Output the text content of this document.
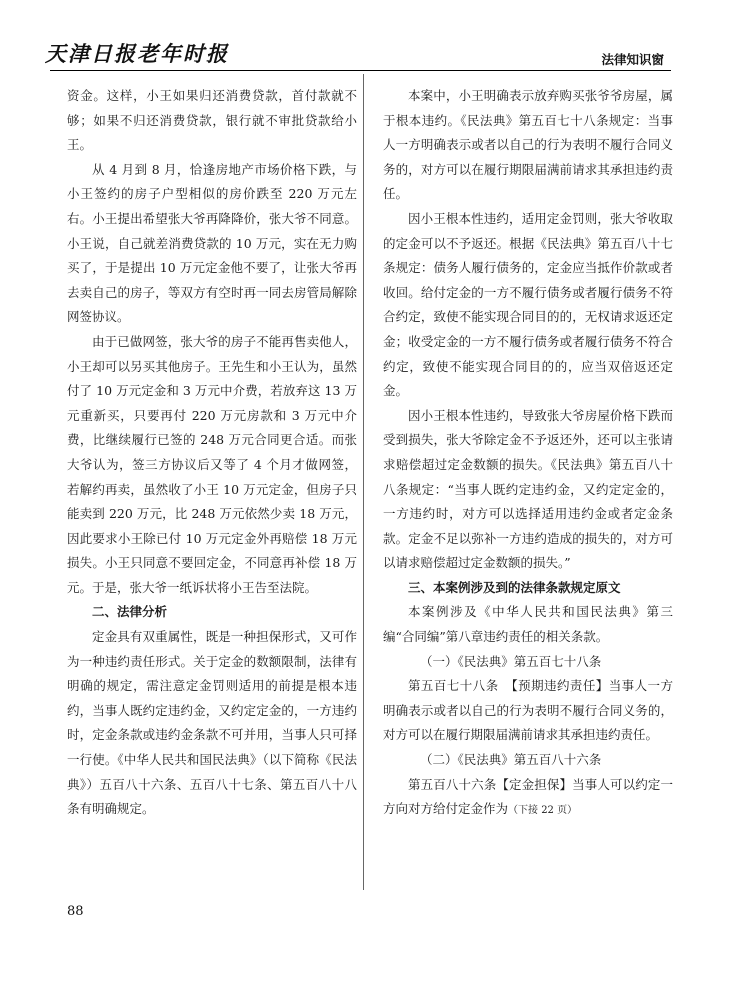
天津日报老年时报	法律知识窗

资金。这样，小王如果归还消费贷款，首付款就不够；如果不归还消费贷款，银行就不审批贷款给小王。

从 4 月到 8 月，恰逢房地产市场价格下跌，与小王签约的房子户型相似的房价跌至 220 万元左右。小王提出希望张大爷再降降价，张大爷不同意。小王说，自己就差消费贷款的 10 万元，实在无力购买了，于是提出 10 万元定金他不要了，让张大爷再去卖自己的房子，等双方有空时再一同去房管局解除网签协议。

由于已做网签，张大爷的房子不能再售卖他人，小王却可以另买其他房子。王先生和小王认为，虽然付了 10 万元定金和 3 万元中介费，若放弃这 13 万元重新买，只要再付 220 万元房款和 3 万元中介费，比继续履行已签的 248 万元合同更合适。而张大爷认为，签三方协议后又等了 4 个月才做网签，若解约再卖，虽然收了小王 10 万元定金，但房子只能卖到 220 万元，比 248 万元依然少卖 18 万元，因此要求小王除已付 10 万元定金外再赔偿 18 万元损失。小王只同意不要回定金，不同意再补偿 18 万元。于是，张大爷一纸诉状将小王告至法院。

二、法律分析

定金具有双重属性，既是一种担保形式，又可作为一种违约责任形式。关于定金的数额限制，法律有明确的规定，需注意定金罚则适用的前提是根本违约，当事人既约定违约金，又约定定金的，一方违约时，定金条款或违约金条款不可并用，当事人只可择一行使。《中华人民共和国民法典》（以下简称《民法典》）五百八十六条、五百八十七条、第五百八十八条有明确规定。

本案中，小王明确表示放弃购买张爷爷房屋，属于根本违约。《民法典》第五百七十八条规定：当事人一方明确表示或者以自己的行为表明不履行合同义务的，对方可以在履行期限届满前请求其承担违约责任。

因小王根本性违约，适用定金罚则，张大爷收取的定金可以不予返还。根据《民法典》第五百八十七条规定：债务人履行债务的，定金应当抵作价款或者收回。给付定金的一方不履行债务或者履行债务不符合约定，致使不能实现合同目的的，无权请求返还定金；收受定金的一方不履行债务或者履行债务不符合约定，致使不能实现合同目的的，应当双倍返还定金。

因小王根本性违约，导致张大爷房屋价格下跌而受到损失，张大爷除定金不予返还外，还可以主张请求赔偿超过定金数额的损失。《民法典》第五百八十八条规定：“当事人既约定违约金，又约定定金的，一方违约时，对方可以选择适用违约金或者定金条款。定金不足以弥补一方违约造成的损失的，对方可以请求赔偿超过定金数额的损失。”

三、本案例涉及到的法律条款规定原文

本案例涉及《中华人民共和国民法典》第三编“合同编”第八章违约责任的相关条款。

（一）《民法典》第五百七十八条

第五百七十八条　【预期违约责任】当事人一方明确表示或者以自己的行为表明不履行合同义务的，对方可以在履行期限届满前请求其承担违约责任。

（二）《民法典》第五百八十六条

第五百八十六条【定金担保】当事人可以约定一方向对方给付定金作为（下接 22 页）

88
